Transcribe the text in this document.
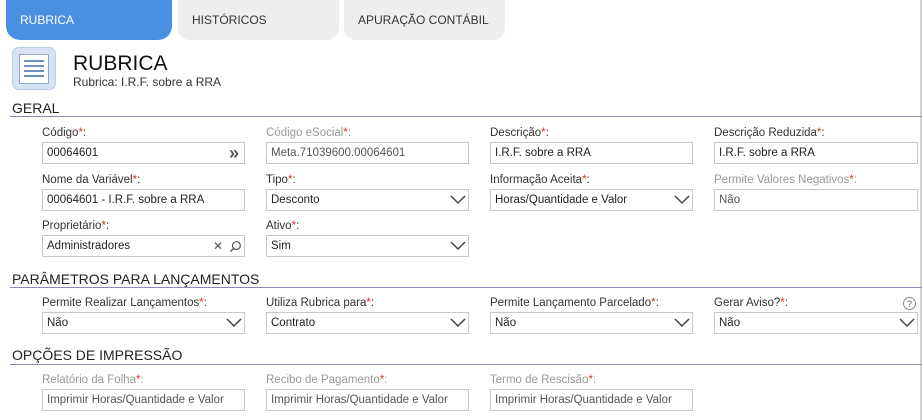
RUBRICA	HISTÓRICOS	APURAÇÃO CONTÁBIL
RUBRICA
Rubrica: I.R.F. sobre a RRA
GERAL
Código*:
00064601	»
Código eSocial*:
Meta.71039600.00064601
Descrição*:
I.R.F. sobre a RRA
Descrição Reduzida*:
I.R.F. sobre a RRA
Nome da Variável*:
00064601 - I.R.F. sobre a RRA
Tipo*:
Desconto
Informação Aceita*:
Horas/Quantidade e Valor
Permite Valores Negativos*:
Não
Proprietário*:
Administradores	✕
Ativo*:
Sim
PARÂMETROS PARA LANÇAMENTOS
Permite Realizar Lançamentos*:
Não
Utiliza Rubrica para*:
Contrato
Permite Lançamento Parcelado*:
Não
Gerar Aviso?*:	?
Não
OPÇÕES DE IMPRESSÃO
Relatório da Folha*:
Imprimir Horas/Quantidade e Valor
Recibo de Pagamento*:
Imprimir Horas/Quantidade e Valor
Termo de Rescisão*:
Imprimir Horas/Quantidade e Valor
